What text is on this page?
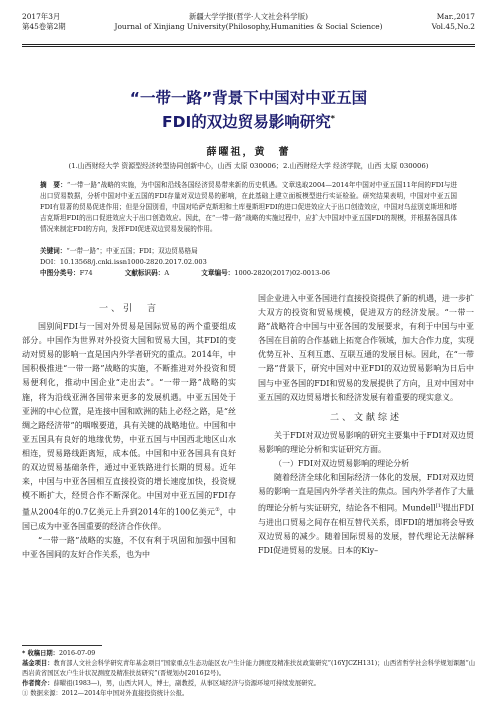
2017年3月
第45卷第2期
新疆大学学报(哲学·人文社会科学版)
Journal of Xinjiang University(Philosophy,Humanities & Social Science)
Mar.,2017
Vol.45,No.2
“一带一路”背景下中国对中亚五国
FDI的双边贸易影响研究*
薛曜祖，黄　蕾
(1.山西财经大学 资源型经济转型协同创新中心，山西 太原 030006；2.山西财经大学 经济学院，山西 太原 030006)
摘　要：“一带一路”战略的实施，为中国和沿线各国经济贸易带来新的历史机遇。文章选取2004—2014年中国对中亚五国11年间的FDI与进出口贸易数据，分析中国对中亚五国的FDI存量对双边贸易的影响，在此基础上建立面板模型进行实证检验。研究结果表明，中国对中亚五国FDI有显著的贸易促进作用；但是分国别看，中国对哈萨克斯坦和土库曼斯坦FDI的进口促进效应大于出口创造效应，中国对乌兹别克斯坦和塔吉克斯坦FDI的出口促进效应大于出口创造效应。因此，在“一带一路”战略的实施过程中，应扩大中国对中亚五国FDI的规模，并根据各国具体情况来制定FDI的方向，发挥FDI促进双边贸易发展的作用。
关键词：“一带一路”；中亚五国；FDI；双边贸易格局
DOI：10.13568/j.cnki.issn1000-2820.2017.02.003
中图分类号：F74	文献标识码：A	文章编号：1000-2820(2017)02-0013-06
一、引　言

国别间FDI与一国对外贸易是国际贸易的两个重要组成部分。中国作为世界对外投资大国和贸易大国，其FDI的变动对贸易的影响一直是国内外学者研究的重点。2014年，中国积极推进“一带一路”战略的实施，不断推进对外投资和贸易便利化，推动中国企业“走出去”。“一带一路”战略的实施，将为沿线亚洲各国带来更多的发展机遇。中亚五国处于亚洲的中心位置，是连接中国和欧洲的陆上必经之路，是“丝绸之路经济带”的咽喉要道，具有关键的战略地位。中国和中亚五国具有良好的地缘优势，中亚五国与中国西北地区山水相连，贸易路线距离短，成本低。中国和中亚各国具有良好的双边贸易基础条件，通过中亚铁路进行长期的贸易。近年来，中国与中亚各国相互直接投资的增长速度加快，投资规模不断扩大，经贸合作不断深化。中国对中亚五国的FDI存量从2004年的0.7亿美元上升到2014年的100亿美元①，中国已成为中亚各国重要的经济合作伙伴。

“一带一路”战略的实施，不仅有利于巩固和加强中国和中亚各国间的友好合作关系，也为中

国企业进入中亚各国进行直接投资提供了新的机遇，进一步扩大双方的投资和贸易规模，促进双方的经济发展。“一带一路”战略符合中国与中亚各国的发展要求，有利于中国与中亚各国在目前的合作基础上拓宽合作领域，加大合作力度，实现优势互补、互利互惠、互联互通的发展目标。因此，在“一带一路”背景下，研究中国对中亚FDI的双边贸易影响为日后中国与中亚各国的FDI和贸易的发展提供了方向，且对中国对中亚五国的双边贸易增长和经济发展有着重要的现实意义。

二、文献综述

关于FDI对双边贸易影响的研究主要集中于FDI对双边贸易影响的理论分析和实证研究方面。

（一）FDI对双边贸易影响的理论分析

随着经济全球化和国际经济一体化的发展，FDI对双边贸易的影响一直是国内外学者关注的焦点。国内外学者作了大量的理论分析与实证研究，结论各不相同。Mundell[1]提出FDI与进出口贸易之间存在相互替代关系，即FDI的增加将会导致双边贸易的减少。随着国际贸易的发展，替代理论无法解释FDI促进贸易的发展。日本的Kiy–

* 收稿日期：2016-07-09
基金项目：教育部人文社会科学研究青年基金项目“国家重点生态功能区农户生计能力测度及精准扶贫政策研究”(16YJCZH131)；山西省哲学社会科学规划课题“山西岩黄省国区农户生计状况测度及精准扶贫研究”(晋规划办[2016]2号)。
作者简介：薛曜祖(1983—)，男，山西大同人，博士，副教授，从事区域经济与资源环境可持续发展研究。
① 数据来源：2012—2014年中国对外直接投资统计公报。
